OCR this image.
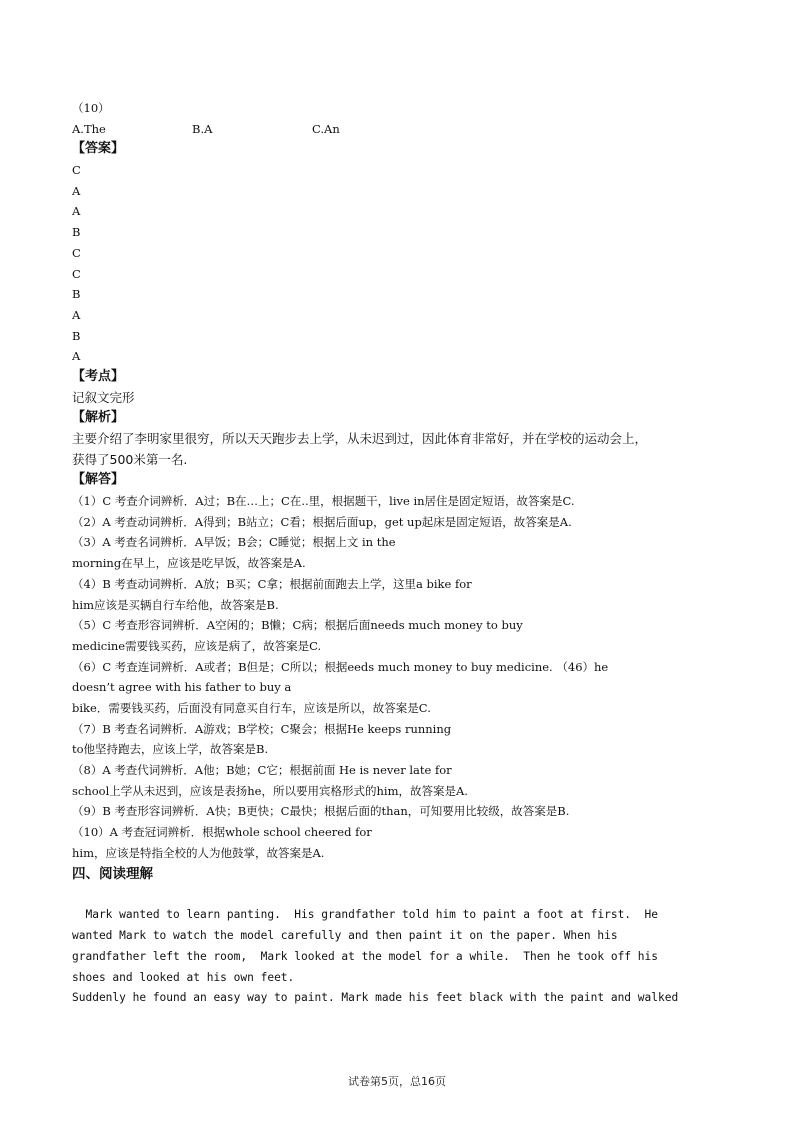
（10）
A.The	B.A	C.An
【答案】
C
A
A
B
C
C
B
A
B
A
【考点】
记叙文完形
【解析】
主要介绍了李明家里很穷，所以天天跑步去上学，从未迟到过，因此体育非常好，并在学校的运动会上，
获得了500米第一名.
【解答】
（1）C 考查介词辨析．A过；B在…上；C在..里，根据题干，live in居住是固定短语，故答案是C.
（2）A 考查动词辨析．A得到；B站立；C看；根据后面up，get up起床是固定短语，故答案是A.
（3）A 考查名词辨析．A早饭；B会；C睡觉；根据上文 in the
morning在早上，应该是吃早饭，故答案是A.
（4）B 考查动词辨析．A放；B买；C拿；根据前面跑去上学，这里a bike for
him应该是买辆自行车给他，故答案是B.
（5）C 考查形容词辨析．A空闲的；B懒；C病；根据后面needs much money to buy
medicine需要钱买药，应该是病了，故答案是C.
（6）C 考查连词辨析．A或者；B但是；C所以；根据eeds much money to buy medicine. （46）he
doesn’t agree with his father to buy a
bike．需要钱买药，后面没有同意买自行车，应该是所以，故答案是C.
（7）B 考查名词辨析．A游戏；B学校；C聚会；根据He keeps running
to他坚持跑去，应该上学，故答案是B.
（8）A 考查代词辨析．A他；B她；C它；根据前面 He is never late for
school上学从未迟到，应该是表扬he，所以要用宾格形式的him，故答案是A.
（9）B 考查形容词辨析．A快；B更快；C最快；根据后面的than，可知要用比较级，故答案是B.
（10）A 考查冠词辨析．根据whole school cheered for
him，应该是特指全校的人为他鼓掌，故答案是A.
四、阅读理解
Mark wanted to learn panting.  His grandfather told him to paint a foot at first.  He
wanted Mark to watch the model carefully and then paint it on the paper. When his
grandfather left the room,  Mark looked at the model for a while.  Then he took off his
shoes and looked at his own feet.
Suddenly he found an easy way to paint. Mark made his feet black with the paint and walked
试卷第5页，总16页
